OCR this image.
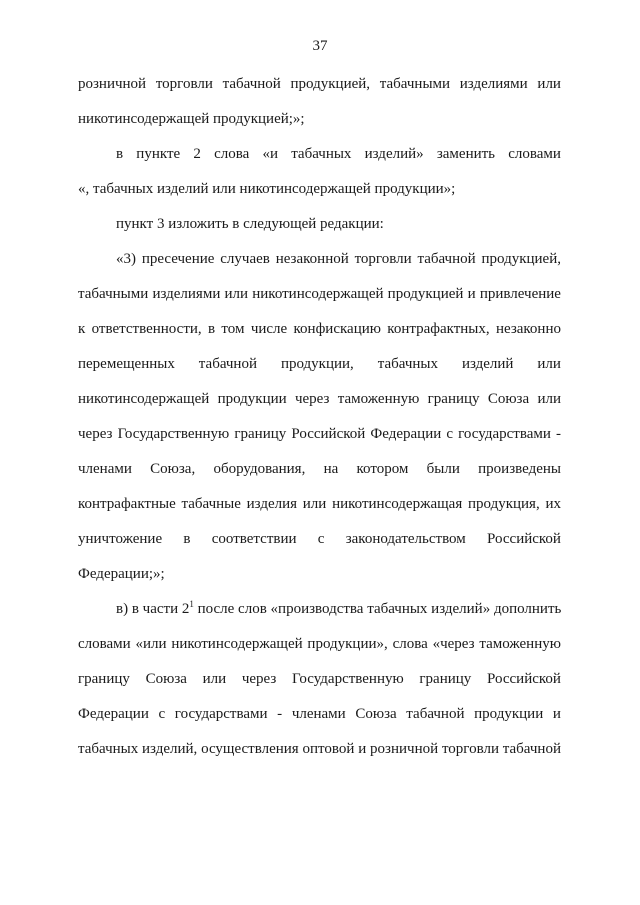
37
розничной торговли табачной продукцией, табачными изделиями или
никотинсодержащей продукцией;»;
в пункте 2 слова «и табачных изделий» заменить словами
«, табачных изделий или никотинсодержащей продукции»;
пункт 3 изложить в следующей редакции:
«3) пресечение случаев незаконной торговли табачной продукцией,
табачными изделиями или никотинсодержащей продукцией и привлечение
к ответственности, в том числе конфискацию контрафактных, незаконно
перемещенных табачной продукции, табачных изделий или
никотинсодержащей продукции через таможенную границу Союза или
через Государственную границу Российской Федерации с государствами -
членами Союза, оборудования, на котором были произведены
контрафактные табачные изделия или никотинсодержащая продукция, их
уничтожение в соответствии с законодательством Российской
Федерации;»;
в) в части $2^1$ после слов «производства табачных изделий» дополнить
словами «или никотинсодержащей продукции», слова «через таможенную
границу Союза или через Государственную границу Российской
Федерации с государствами - членами Союза табачной продукции и
табачных изделий, осуществления оптовой и розничной торговли табачной
